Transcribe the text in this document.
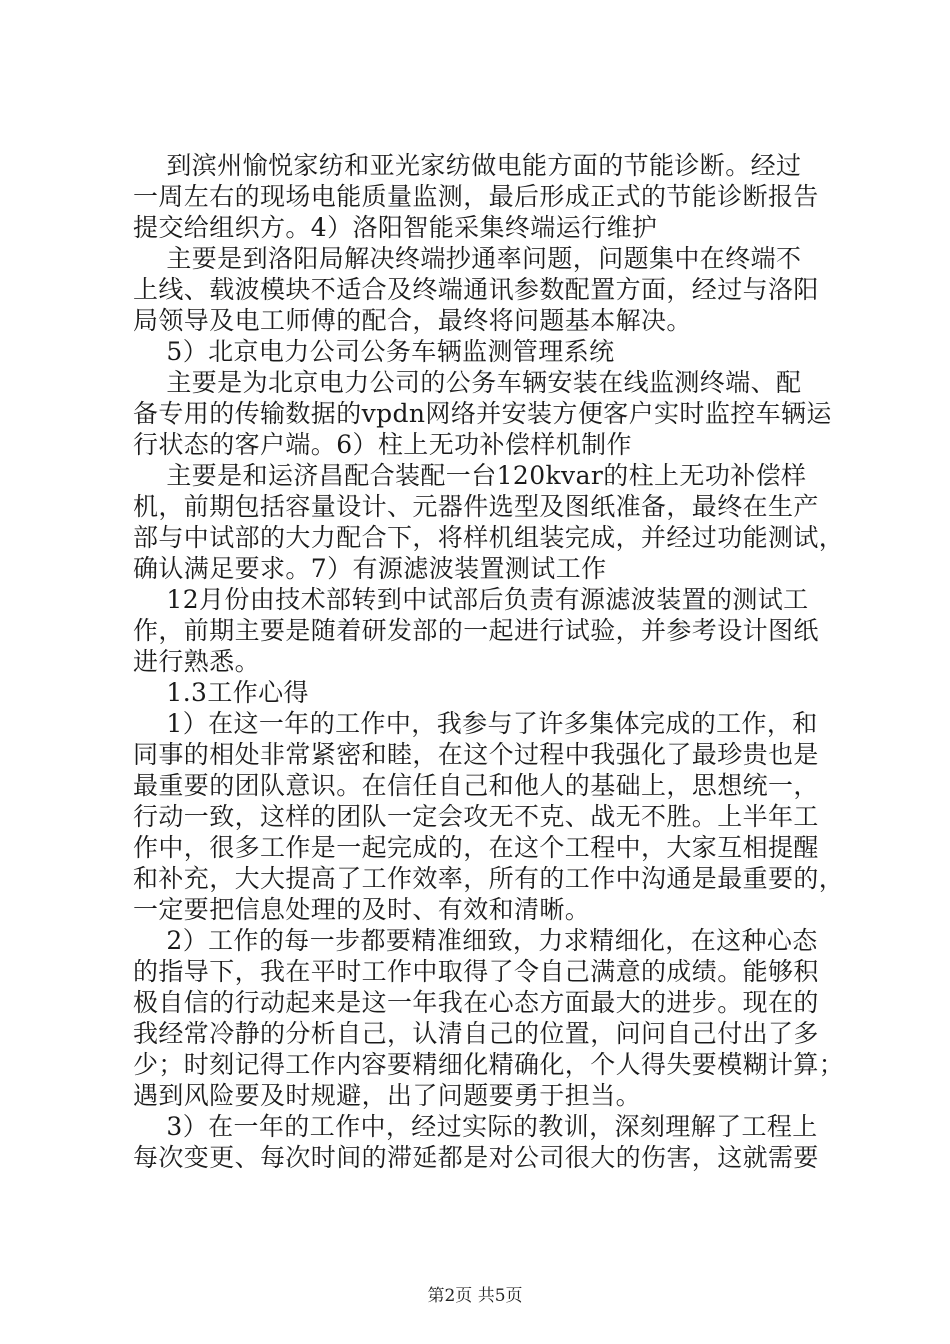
到滨州愉悦家纺和亚光家纺做电能方面的节能诊断。经过
一周左右的现场电能质量监测，最后形成正式的节能诊断报告
提交给组织方。4）洛阳智能采集终端运行维护
主要是到洛阳局解决终端抄通率问题，问题集中在终端不
上线、载波模块不适合及终端通讯参数配置方面，经过与洛阳
局领导及电工师傅的配合，最终将问题基本解决。
5）北京电力公司公务车辆监测管理系统
主要是为北京电力公司的公务车辆安装在线监测终端、配
备专用的传输数据的vpdn网络并安装方便客户实时监控车辆运
行状态的客户端。6）柱上无功补偿样机制作
主要是和运济昌配合装配一台120kvar的柱上无功补偿样
机，前期包括容量设计、元器件选型及图纸准备，最终在生产
部与中试部的大力配合下，将样机组装完成，并经过功能测试，
确认满足要求。7）有源滤波装置测试工作
12月份由技术部转到中试部后负责有源滤波装置的测试工
作，前期主要是随着研发部的一起进行试验，并参考设计图纸
进行熟悉。
1.3工作心得
1）在这一年的工作中，我参与了许多集体完成的工作，和
同事的相处非常紧密和睦，在这个过程中我强化了最珍贵也是
最重要的团队意识。在信任自己和他人的基础上，思想统一，
行动一致，这样的团队一定会攻无不克、战无不胜。上半年工
作中，很多工作是一起完成的，在这个工程中，大家互相提醒
和补充，大大提高了工作效率，所有的工作中沟通是最重要的，
一定要把信息处理的及时、有效和清晰。
2）工作的每一步都要精准细致，力求精细化，在这种心态
的指导下，我在平时工作中取得了令自己满意的成绩。能够积
极自信的行动起来是这一年我在心态方面最大的进步。现在的
我经常冷静的分析自己，认清自己的位置，问问自己付出了多
少；时刻记得工作内容要精细化精确化，个人得失要模糊计算；
遇到风险要及时规避，出了问题要勇于担当。
3）在一年的工作中，经过实际的教训，深刻理解了工程上
每次变更、每次时间的滞延都是对公司很大的伤害，这就需要
第2页 共5页
